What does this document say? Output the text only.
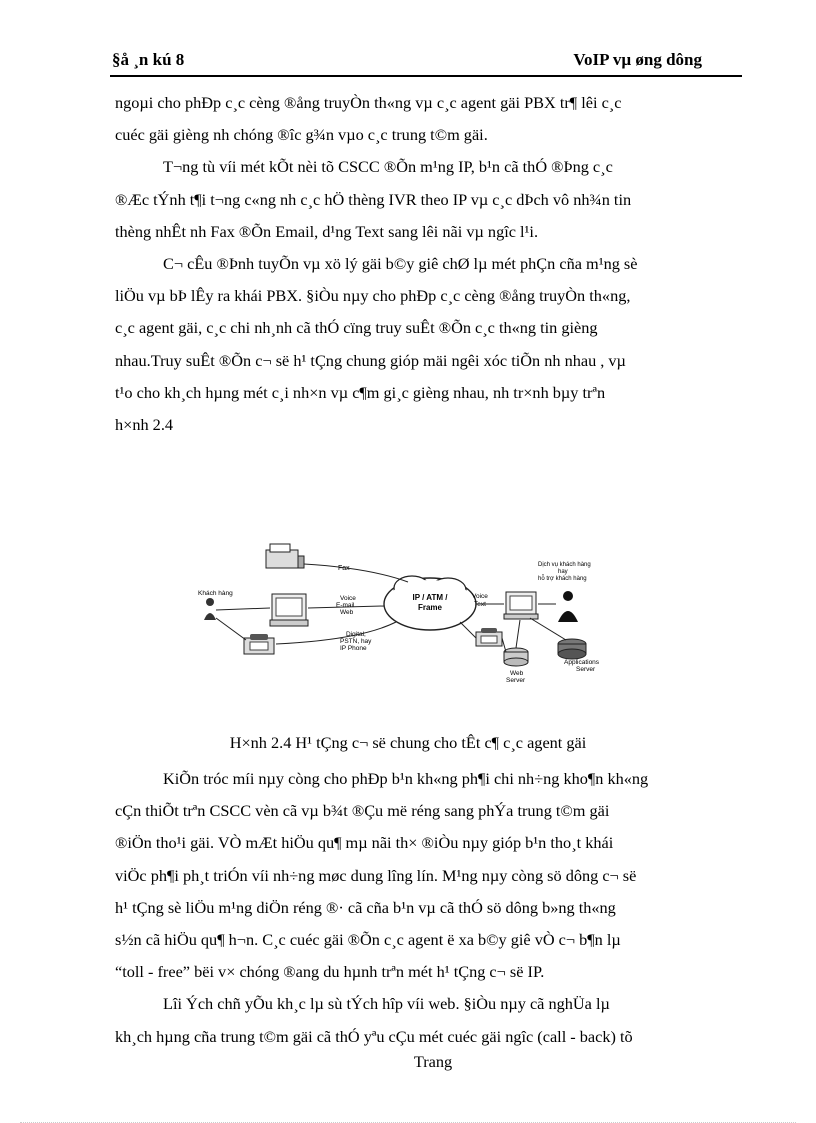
§å ¸n kú 8	VoIP vµ øng dông

ngoµi cho phÐp c¸c cèng ®ång truyÒn th«ng vµ c¸c agent gäi PBX tr¶ lêi c¸c
cuéc gäi gièng nh chóng ®îc g¾n vµo c¸c trung t©m gäi.

T¬ng tù víi mét kÕt nèi tõ CSCC ®Õn m¹ng IP, b¹n cã thÓ ®Þng c¸c
®Æc tÝnh t¶i t¬ng c«ng nh c¸c hÖ thèng IVR theo IP vµ c¸c dÞch vô nh¾n tin
thèng nhÊt nh Fax ®Õn Email, d¹ng Text sang lêi nãi vµ ngîc l¹i.

C¬ cÊu ®Þnh tuyÕn vµ xö lý gäi b©y giê chØ lµ mét phÇn cña m¹ng sè
liÖu vµ bÞ lÊy ra khái PBX. §iÒu nµy cho phÐp c¸c cèng ®ång truyÒn th«ng,
c¸c agent gäi, c¸c chi nh¸nh cã thÓ cïng truy suÊt ®Õn c¸c th«ng tin gièng
nhau.Truy suÊt ®Õn c¬ së h¹ tÇng chung gióp mäi ngêi xóc tiÕn nh nhau , vµ
t¹o cho kh¸ch hµng mét c¸i nh×n vµ c¶m gi¸c gièng nhau, nh tr×nh bµy trªn
h×nh 2.4

IP / ATM /
Frame
Fax
Khách hàng
Voice
E-mail
Web
Digital,
PSTN, hay
IP Phone
Voice
Text
Dịch vụ khách hàng
hay
hỗ trợ khách hàng
Web
Server
Applications
Server
H×nh 2.4 H¹ tÇng c¬ së chung cho tÊt c¶ c¸c agent gäi

KiÕn tróc míi nµy còng cho phÐp b¹n kh«ng ph¶i chi nh÷ng kho¶n kh«ng
cÇn thiÕt trªn CSCC vèn cã vµ b¾t ®Çu më réng sang phÝa trung t©m gäi
®iÖn tho¹i gäi. VÒ mÆt hiÖu qu¶ mµ nãi th× ®iÒu nµy gióp b¹n tho¸t khái
viÖc ph¶i ph¸t triÓn víi nh÷ng møc dung lîng lín. M¹ng nµy còng sö dông c¬ së
h¹ tÇng sè liÖu m¹ng diÖn réng ®· cã cña b¹n vµ cã thÓ sö dông b»ng th«ng
s½n cã hiÖu qu¶ h¬n. C¸c cuéc gäi ®Õn c¸c agent ë xa b©y giê vÒ c¬ b¶n lµ
“toll - free” bëi v× chóng ®ang du hµnh trªn mét h¹ tÇng c¬ së IP.

Lîi Ých chñ yÕu kh¸c lµ sù tÝch hîp víi web. §iÒu nµy cã nghÜa lµ
kh¸ch hµng cña trung t©m gäi cã thÓ yªu cÇu mét cuéc gäi ngîc (call - back) tõ

Trang
